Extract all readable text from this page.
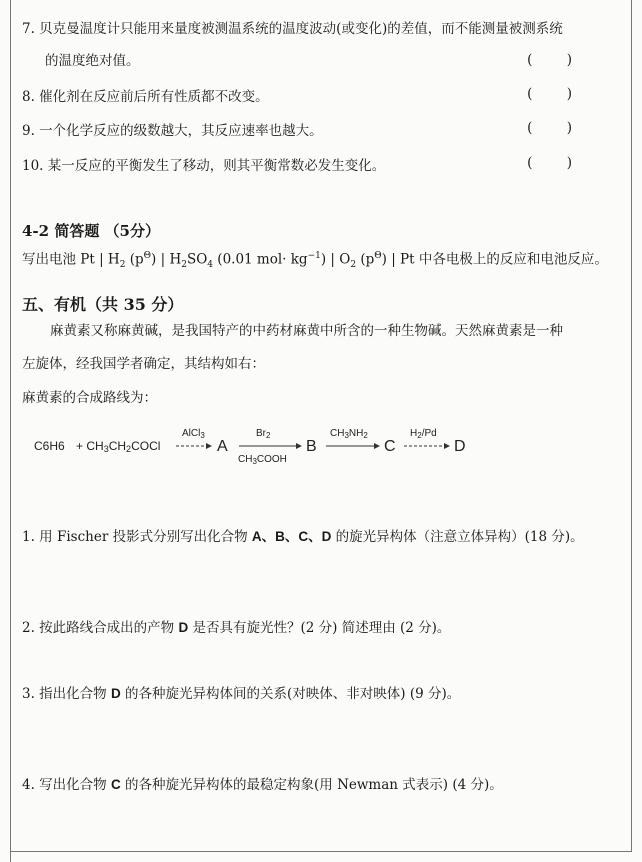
7. 贝克曼温度计只能用来量度被测温系统的温度波动(或变化)的差值，而不能测量被测系统
的温度绝对值。	(        )
8. 催化剂在反应前后所有性质都不改变。	(        )
9. 一个化学反应的级数越大，其反应速率也越大。	(        )
10. 某一反应的平衡发生了移动，则其平衡常数必发生变化。	(        )
4-2 简答题 （5分）
写出电池 Pt | $H_2$ $(p^\Theta)$ | $H_2SO_4$ (0.01 $mol\cdot kg^{-1}$) | $O_2$ $(p^\Theta)$ | Pt 中各电极上的反应和电池反应。
五、有机（共 35 分）
麻黄素又称麻黄碱，是我国特产的中药材麻黄中所含的一种生物碱。天然麻黄素是一种
左旋体，经我国学者确定，其结构如右：
麻黄素的合成路线为：
C6H6 + CH3CH2COCl
AlCl$_3$
A
$Br_2$
$CH_3COOH$
B
$CH_3NH_2$
C
$H_2/Pd$
D
1. 用 Fischer 投影式分别写出化合物 A、B、C、D 的旋光异构体（注意立体异构）(18 分)。
2. 按此路线合成出的产物 D 是否具有旋光性？(2 分) 简述理由 (2 分)。
3. 指出化合物 D 的各种旋光异构体间的关系(对映体、非对映体) (9 分)。
4. 写出化合物 C 的各种旋光异构体的最稳定构象(用 Newman 式表示) (4 分)。
